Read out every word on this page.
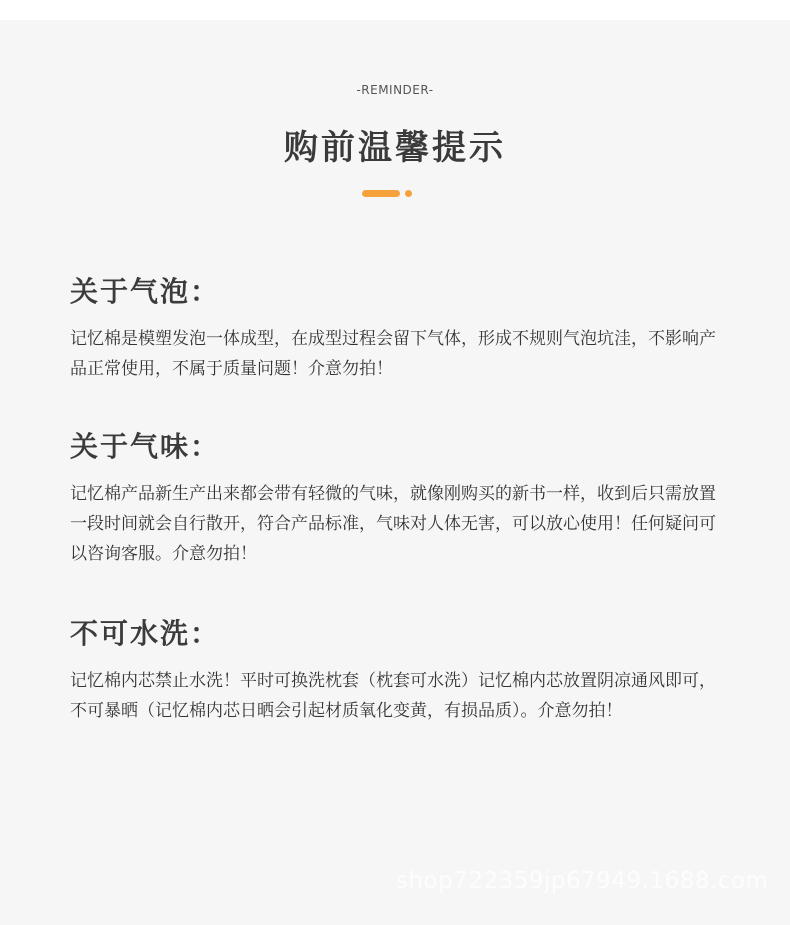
-REMINDER-
购前温馨提示
关于气泡：

记忆棉是模塑发泡一体成型，在成型过程会留下气体，形成不规则气泡坑洼，不影响产品正常使用，不属于质量问题！介意勿拍！

关于气味：

记忆棉产品新生产出来都会带有轻微的气味，就像刚购买的新书一样，收到后只需放置一段时间就会自行散开，符合产品标准，气味对人体无害，可以放心使用！任何疑问可以咨询客服。介意勿拍！

不可水洗：

记忆棉内芯禁止水洗！平时可换洗枕套（枕套可水洗）记忆棉内芯放置阴凉通风即可，不可暴晒（记忆棉内芯日晒会引起材质氧化变黄，有损品质）。介意勿拍！

shop722359jp67949.1688.com
